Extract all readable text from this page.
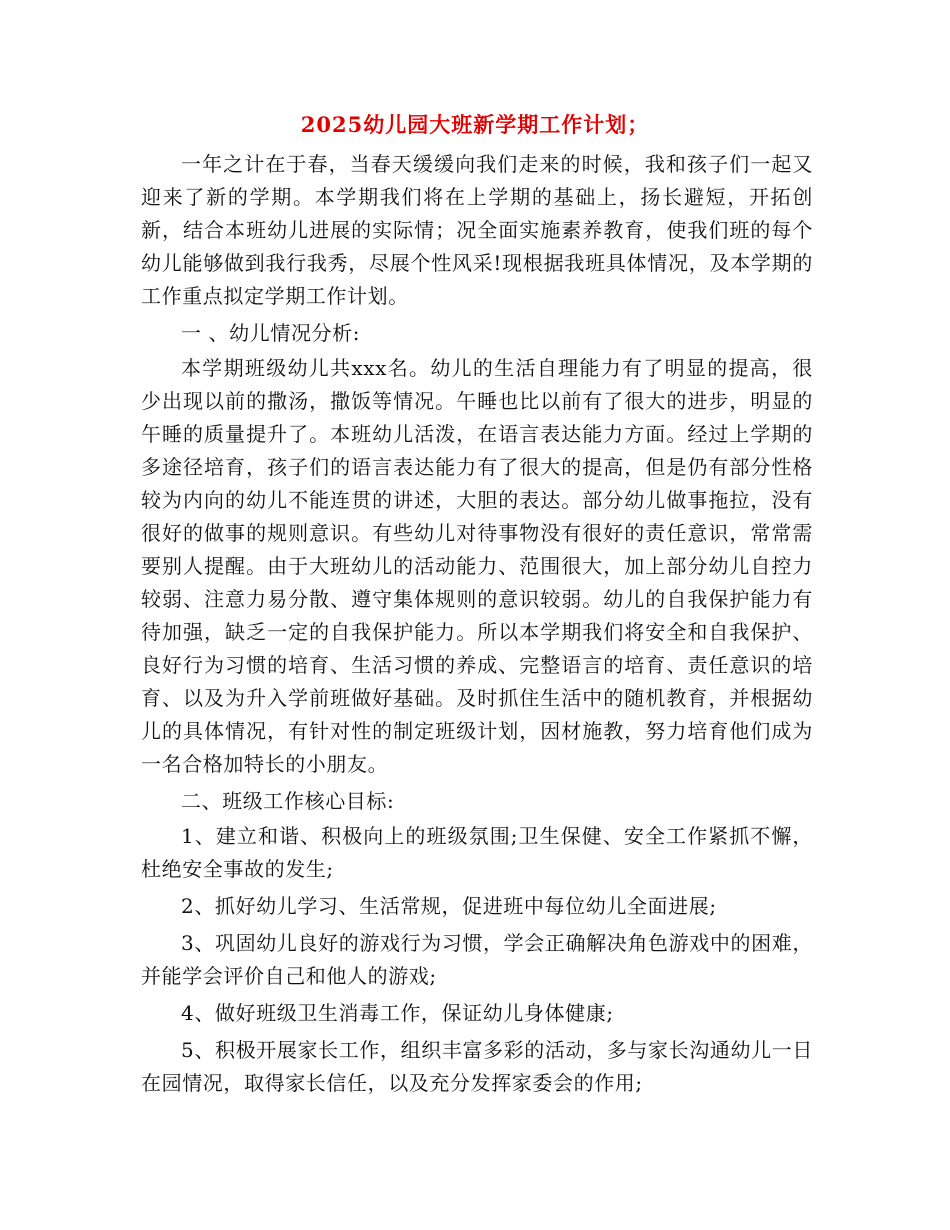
2025幼儿园大班新学期工作计划；

一年之计在于春，当春天缓缓向我们走来的时候，我和孩子们一起又迎来了新的学期。本学期我们将在上学期的基础上，扬长避短，开拓创新，结合本班幼儿进展的实际情；况全面实施素养教育，使我们班的每个幼儿能够做到我行我秀，尽展个性风采!现根据我班具体情况，及本学期的工作重点拟定学期工作计划。

一 、幼儿情况分析:

本学期班级幼儿共xxx名。幼儿的生活自理能力有了明显的提高，很少出现以前的撒汤，撒饭等情况。午睡也比以前有了很大的进步，明显的午睡的质量提升了。本班幼儿活泼，在语言表达能力方面。经过上学期的多途径培育，孩子们的语言表达能力有了很大的提高，但是仍有部分性格较为内向的幼儿不能连贯的讲述，大胆的表达。部分幼儿做事拖拉，没有很好的做事的规则意识。有些幼儿对待事物没有很好的责任意识，常常需要别人提醒。由于大班幼儿的活动能力、范围很大，加上部分幼儿自控力较弱、注意力易分散、遵守集体规则的意识较弱。幼儿的自我保护能力有待加强，缺乏一定的自我保护能力。所以本学期我们将安全和自我保护、良好行为习惯的培育、生活习惯的养成、完整语言的培育、责任意识的培育、以及为升入学前班做好基础。及时抓住生活中的随机教育，并根据幼儿的具体情况，有针对性的制定班级计划，因材施教，努力培育他们成为一名合格加特长的小朋友。

二、班级工作核心目标:

1、建立和谐、积极向上的班级氛围;卫生保健、安全工作紧抓不懈，杜绝安全事故的发生;

2、抓好幼儿学习、生活常规，促进班中每位幼儿全面进展;

3、巩固幼儿良好的游戏行为习惯，学会正确解决角色游戏中的困难，并能学会评价自己和他人的游戏;

4、做好班级卫生消毒工作，保证幼儿身体健康;

5、积极开展家长工作，组织丰富多彩的活动，多与家长沟通幼儿一日在园情况，取得家长信任，以及充分发挥家委会的作用;
